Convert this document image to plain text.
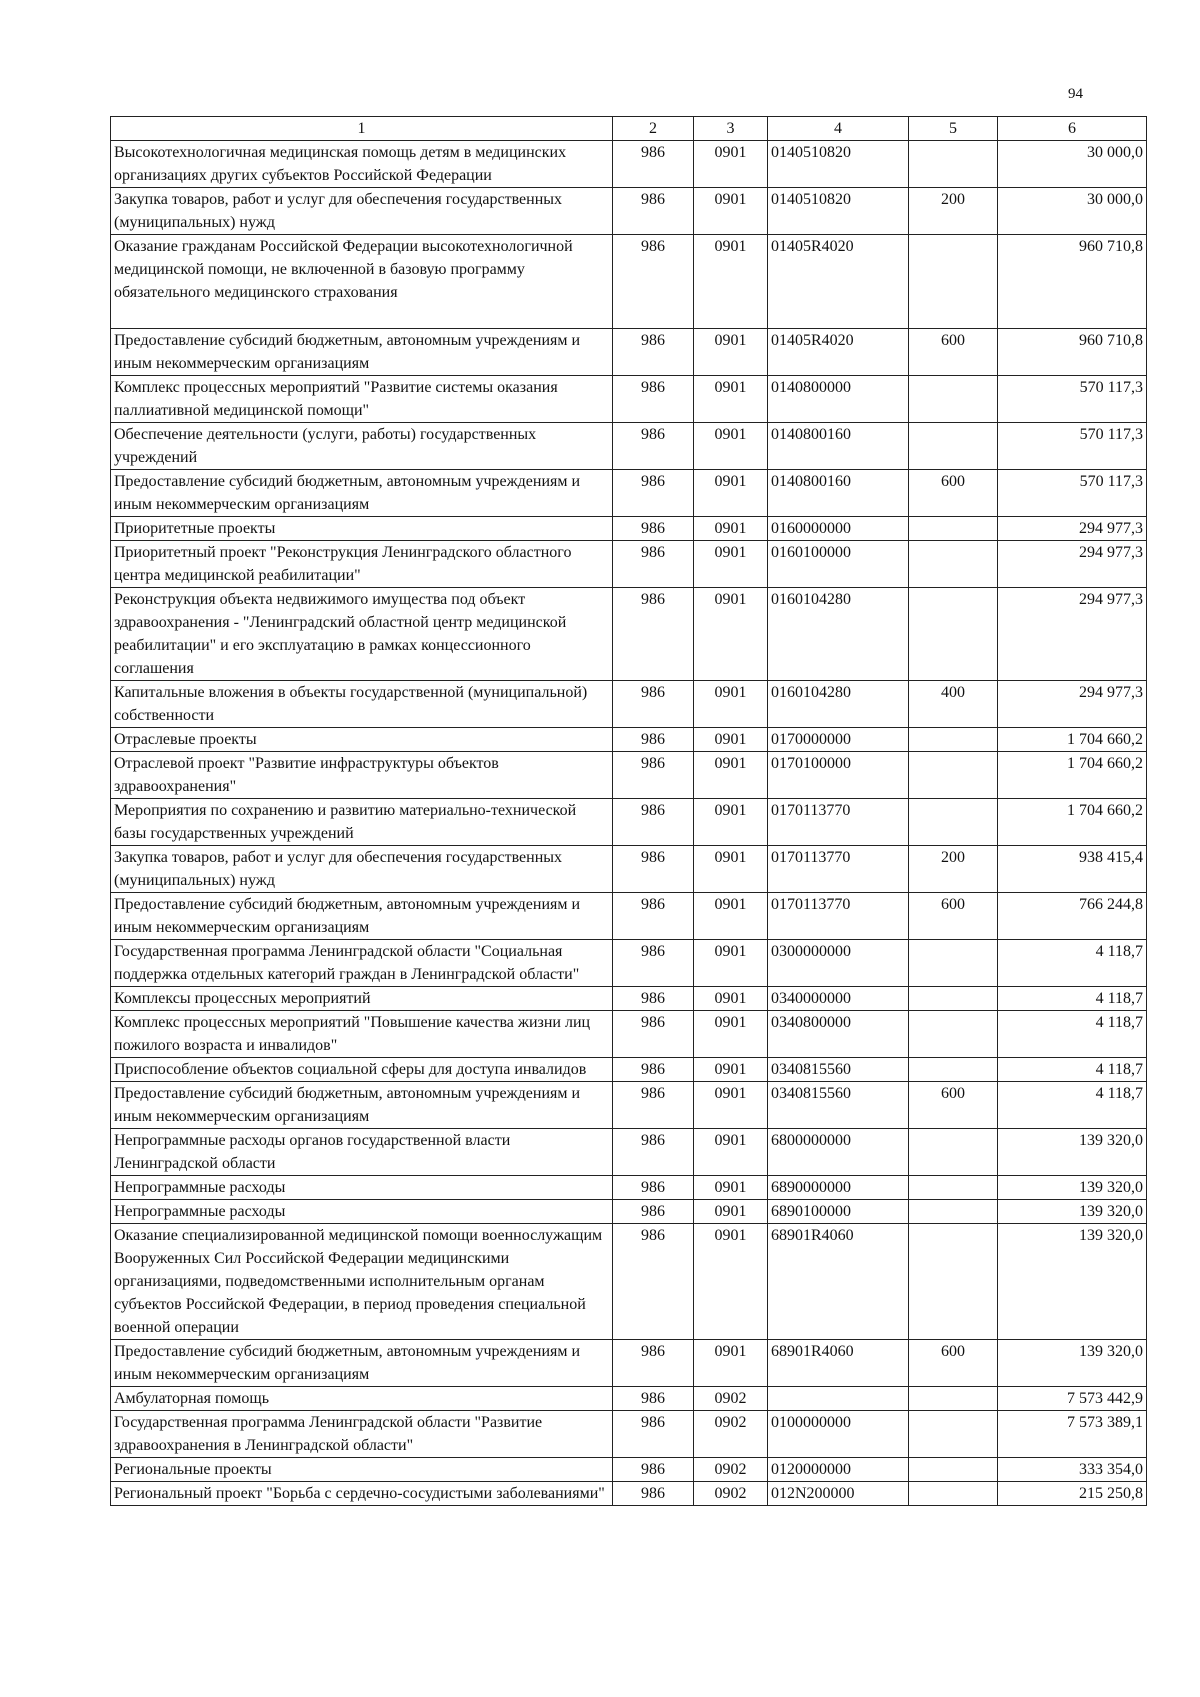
94
1	2	3	4	5	6
Высокотехнологичная медицинская помощь детям в медицинских организациях других субъектов Российской Федерации	986	0901	0140510820		30 000,0
Закупка товаров, работ и услуг для обеспечения государственных (муниципальных) нужд	986	0901	0140510820	200	30 000,0
Оказание гражданам Российской Федерации высокотехнологичной медицинской помощи, не включенной в базовую программу обязательного медицинского страхования	986	0901	01405R4020		960 710,8
Предоставление субсидий бюджетным, автономным учреждениям и иным некоммерческим организациям	986	0901	01405R4020	600	960 710,8
Комплекс процессных мероприятий "Развитие системы оказания паллиативной медицинской помощи"	986	0901	0140800000		570 117,3
Обеспечение деятельности (услуги, работы) государственных учреждений	986	0901	0140800160		570 117,3
Предоставление субсидий бюджетным, автономным учреждениям и иным некоммерческим организациям	986	0901	0140800160	600	570 117,3
Приоритетные проекты	986	0901	0160000000		294 977,3
Приоритетный проект "Реконструкция Ленинградского областного центра медицинской реабилитации"	986	0901	0160100000		294 977,3
Реконструкция объекта недвижимого имущества под объект здравоохранения - "Ленинградский областной центр медицинской реабилитации" и его эксплуатацию в рамках концессионного соглашения	986	0901	0160104280		294 977,3
Капитальные вложения в объекты государственной (муниципальной) собственности	986	0901	0160104280	400	294 977,3
Отраслевые проекты	986	0901	0170000000		1 704 660,2
Отраслевой проект "Развитие инфраструктуры объектов здравоохранения"	986	0901	0170100000		1 704 660,2
Мероприятия по сохранению и развитию материально-технической базы государственных учреждений	986	0901	0170113770		1 704 660,2
Закупка товаров, работ и услуг для обеспечения государственных (муниципальных) нужд	986	0901	0170113770	200	938 415,4
Предоставление субсидий бюджетным, автономным учреждениям и иным некоммерческим организациям	986	0901	0170113770	600	766 244,8
Государственная программа Ленинградской области "Социальная поддержка отдельных категорий граждан в Ленинградской области"	986	0901	0300000000		4 118,7
Комплексы процессных мероприятий	986	0901	0340000000		4 118,7
Комплекс процессных мероприятий "Повышение качества жизни лиц пожилого возраста и инвалидов"	986	0901	0340800000		4 118,7
Приспособление объектов социальной сферы для доступа инвалидов	986	0901	0340815560		4 118,7
Предоставление субсидий бюджетным, автономным учреждениям и иным некоммерческим организациям	986	0901	0340815560	600	4 118,7
Непрограммные расходы органов государственной власти Ленинградской области	986	0901	6800000000		139 320,0
Непрограммные расходы	986	0901	6890000000		139 320,0
Непрограммные расходы	986	0901	6890100000		139 320,0
Оказание специализированной медицинской помощи военнослужащим Вооруженных Сил Российской Федерации медицинскими организациями, подведомственными исполнительным органам субъектов Российской Федерации, в период проведения специальной военной операции	986	0901	68901R4060		139 320,0
Предоставление субсидий бюджетным, автономным учреждениям и иным некоммерческим организациям	986	0901	68901R4060	600	139 320,0
Амбулаторная помощь	986	0902			7 573 442,9
Государственная программа Ленинградской области "Развитие здравоохранения в Ленинградской области"	986	0902	0100000000		7 573 389,1
Региональные проекты	986	0902	0120000000		333 354,0
Региональный проект "Борьба с сердечно-сосудистыми заболеваниями"	986	0902	012N200000		215 250,8
